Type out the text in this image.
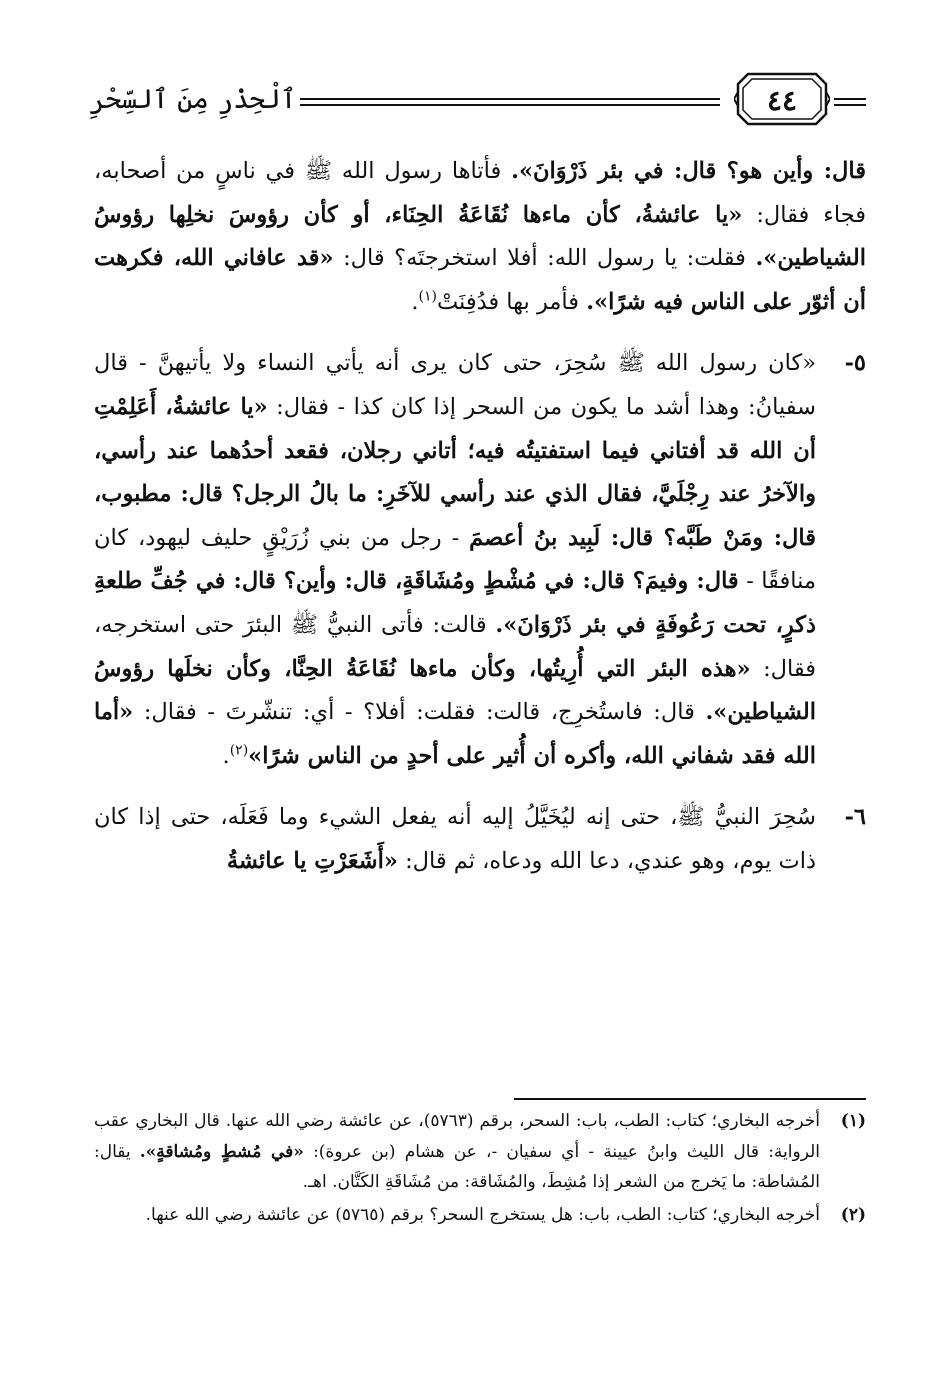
ٱلْحِذْرِ مِنَ ٱلسِّحْرِ	٤٤

قال: وأين هو؟ قال: في بئر ذَرْوَانَ». فأتاها رسول الله ﷺ في ناسٍ من أصحابه، فجاء فقال: «يا عائشةُ، كأن ماءها نُقَاعَةُ الحِنَاء، أو كأن رؤوسَ نخلِها رؤوسُ الشياطين». فقلت: يا رسول الله: أفلا استخرجتَه؟ قال: «قد عافاني الله، فكرهت أن أثوّر على الناس فيه شرًا». فأمر بها فدُفِنَتْ$^{(١)}$.

٥-

«كان رسول الله ﷺ سُحِرَ، حتى كان يرى أنه يأتي النساء ولا يأتيهنَّ - قال سفيانُ: وهذا أشد ما يكون من السحر إذا كان كذا - فقال: «يا عائشةُ، أَعَلِمْتِ أن الله قد أفتاني فيما استفتيتُه فيه؛ أتاني رجلان، فقعد أحدُهما عند رأسي، والآخرُ عند رِجْلَيَّ، فقال الذي عند رأسي للآخَرِ: ما بالُ الرجل؟ قال: مطبوب، قال: ومَنْ طَبَّه؟ قال: لَبِيد بنُ أعصمَ - رجل من بني زُرَيْقٍ حليف ليهود، كان منافقًا - قال: وفيمَ؟ قال: في مُشْطٍ ومُشَاقَةٍ، قال: وأين؟ قال: في جُفِّ طلعةِ ذكرٍ، تحت رَعُوفَةٍ في بئر ذَرْوَانَ». قالت: فأتى النبيُّ ﷺ البئرَ حتى استخرجه، فقال: «هذه البئر التي أُرِيتُها، وكأن ماءها نُقَاعَةُ الحِنَّا، وكأن نخلَها رؤوسُ الشياطين». قال: فاستُخرِج، قالت: فقلت: أفلا؟ - أي: تنشّرتَ - فقال: «أما الله فقد شفاني الله، وأكره أن أُثير على أحدٍ من الناس شرًا»$^{(٢)}$.

٦-

سُحِرَ النبيُّ ﷺ، حتى إنه ليُخَيَّلُ إليه أنه يفعل الشيء وما فَعَلَه، حتى إذا كان ذات يوم، وهو عندي، دعا الله ودعاه، ثم قال: «أَشَعَرْتِ يا عائشةُ

(١)
أخرجه البخاري؛ كتاب: الطب، باب: السحر، برقم (٥٧٦٣)، عن عائشة رضي الله عنها. قال البخاري عقب الرواية: قال الليث وابنُ عيينة - أي سفيان -، عن هشام (بن عروة): «في مُشطٍ ومُشاقةٍ». يقال: المُشاطة: ما يَخرج من الشعر إذا مُشِطَ، والمُشَاقة: من مُشَاقَةِ الكَتَّان. اهـ.
(٢)
أخرجه البخاري؛ كتاب: الطب، باب: هل يستخرج السحر؟ برقم (٥٧٦٥) عن عائشة رضي الله عنها.
